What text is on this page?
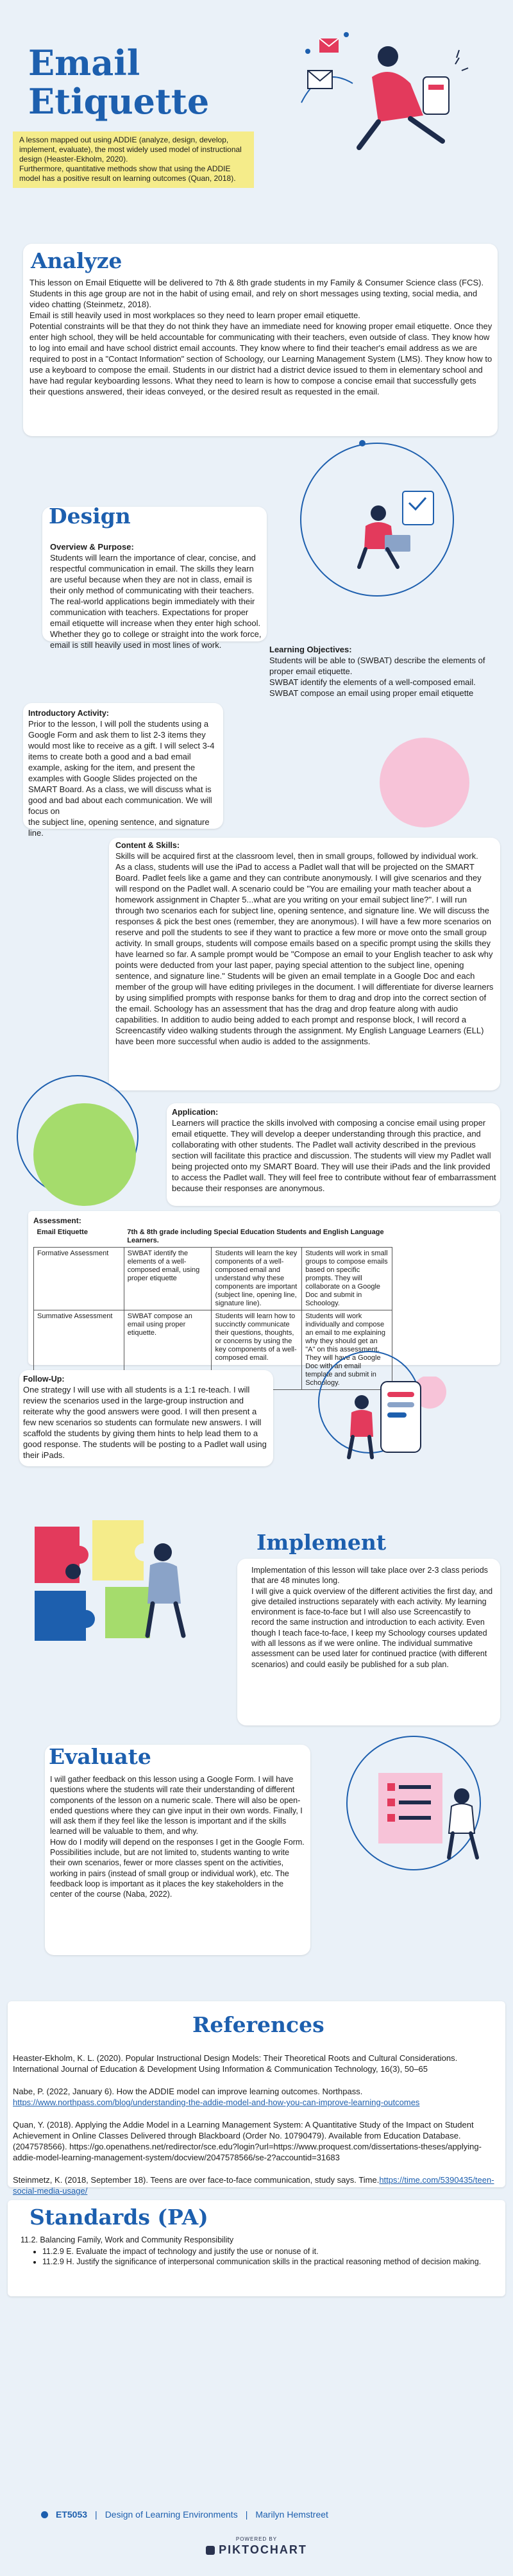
Email
Etiquette

A lesson mapped out using ADDIE (analyze, design, develop, implement, evaluate), the most widely used model of instructional design (Heaster-Ekholm, 2020).

Furthermore, quantitative methods show that using the ADDIE model has a positive result on learning outcomes (Quan, 2018).

Analyze

This lesson on Email Etiquette will be delivered to 7th & 8th grade students in my Family & Consumer Science class (FCS). Students in this age group are not in the habit of using email, and rely on short messages using texting, social media, and video chatting (Steinmetz, 2018).

Email is still heavily used in most workplaces so they need to learn proper email etiquette.

Potential constraints will be that they do not think they have an immediate need for knowing proper email etiquette. Once they enter high school, they will be held accountable for communicating with their teachers, even outside of class. They know how to log into email and have school district email accounts. They know where to find their teacher's email address as we are required to post in a "Contact Information" section of Schoology, our Learning Management System (LMS). They know how to use a keyboard to compose the email. Students in our district had a district device issued to them in elementary school and have had regular keyboarding lessons. What they need to learn is how to compose a concise email that successfully gets their questions answered, their ideas conveyed, or the desired result as requested in the email.

Design
Overview & Purpose:

Students will learn the importance of clear, concise, and respectful communication in email. The skills they learn are useful because when they are not in class, email is their only method of communicating with their teachers. The real-world applications begin immediately with their communication with teachers. Expectations for proper email etiquette will increase when they enter high school. Whether they go to college or straight into the work force, email is still heavily used in most lines of work.	Learning Objectives:

Students will be able to (SWBAT) describe the elements of proper email etiquette.
SWBAT identify the elements of a well-composed email.
SWBAT compose an email using proper email etiquette

Introductory Activity:

Prior to the lesson, I will poll the students using a Google Form and ask them to list 2-3 items they would most like to receive as a gift. I will select 3-4 items to create both a good and a bad email example, asking for the item, and present the examples with Google Slides projected on the SMART Board. As a class, we will discuss what is good and bad about each communication. We will focus on
the subject line, opening sentence, and signature line.

Content & Skills:

Skills will be acquired first at the classroom level, then in small groups, followed by individual work.
As a class, students will use the iPad to access a Padlet wall that will be projected on the SMART Board. Padlet feels like a game and they can contribute anonymously. I will give scenarios and they will respond on the Padlet wall. A scenario could be "You are emailing your math teacher about a homework assignment in Chapter 5...what are you writing on your email subject line?". I will run through two scenarios each for subject line, opening sentence, and signature line. We will discuss the responses & pick the best ones (remember, they are anonymous). I will have a few more scenarios on reserve and poll the students to see if they want to practice a few more or move onto the small group activity. In small groups, students will compose emails based on a specific prompt using the skills they have learned so far. A sample prompt would be "Compose an email to your English teacher to ask why points were deducted from your last paper, paying special attention to the subject line, opening sentence, and signature line." Students will be given an email template in a Google Doc and each member of the group will have editing privileges in the document. I will differentiate for diverse learners by using simplified prompts with response banks for them to drag and drop into the correct section of the email. Schoology has an assessment that has the drag and drop feature along with audio capabilities. In addition to audio being added to each prompt and response block, I will record a Screencastify video walking students through the assignment. My English Language Learners (ELL) have been more successful when audio is added to the assignments.

Application:

Learners will practice the skills involved with composing a concise email using proper email etiquette. They will develop a deeper understanding through this practice, and collaborating with other students. The Padlet wall activity described in the previous section will facilitate this practice and discussion. The students will view my Padlet wall being projected onto my SMART Board. They will use their iPads and the link provided to access the Padlet wall. They will feel free to contribute without fear of embarrassment because their responses are anonymous.

Assessment:
Email Etiquette	7th & 8th grade including Special Education Students and English Language Learners.		
Formative Assessment	SWBAT identify the elements of a well-composed email, using proper etiquette	Students will learn the key components of a well-composed email and understand why these components are important (subject line, opening line, signature line).	Students will work in small groups to compose emails based on specific prompts. They will collaborate on a Google Doc and submit in Schoology.
Summative Assessment	SWBAT compose an email using proper etiquette.	Students will learn how to succinctly communicate their questions, thoughts, or concerns by using the key components of a well-composed email.	Students will work individually and compose an email to me explaining why they should get an "A" on this assessment. They will have a Google Doc with an email template and submit in Schoology.
Follow-Up:

One strategy I will use with all students is a 1:1 re-teach. I will review the scenarios used in the large-group instruction and reiterate why the good answers were good. I will then present a few new scenarios so students can formulate new answers. I will scaffold the students by giving them hints to help lead them to a good response. The students will be posting to a Padlet wall using their iPads.

Implement
Implementation of this lesson will take place over 2-3 class periods that are 48 minutes long.
I will give a quick overview of the different activities the first day, and give detailed instructions separately with each activity. My learning environment is face-to-face but I will also use Screencastify to record the same instruction and introduction to each activity. Even though I teach face-to-face, I keep my Schoology courses updated with all lessons as if we were online. The individual summative assessment can be used later for continued practice (with different scenarios) and could easily be published for a sub plan.
Evaluate
I will gather feedback on this lesson using a Google Form. I will have questions where the students will rate their understanding of different components of the lesson on a numeric scale. There will also be open-ended questions where they can give input in their own words. Finally, I will ask them if they feel like the lesson is important and if the skills learned will be valuable to them, and why.
How do I modify will depend on the responses I get in the Google Form. Possibilities include, but are not limited to, students wanting to write their own scenarios, fewer or more classes spent on the activities, working in pairs (instead of small group or individual work), etc. The feedback loop is important as it places the key stakeholders in the center of the course (Naba, 2022).
References

Heaster-Ekholm, K. L. (2020). Popular Instructional Design Models: Their Theoretical Roots and Cultural Considerations. International Journal of Education & Development Using Information & Communication Technology, 16(3), 50–65

Nabe, P. (2022, January 6). How the ADDIE model can improve learning outcomes. Northpass.
https://www.northpass.com/blog/understanding-the-addie-model-and-how-you-can-improve-learning-outcomes

Quan, Y. (2018). Applying the Addie Model in a Learning Management System: A Quantitative Study of the Impact on Student Achievement in Online Classes Delivered through Blackboard (Order No. 10790479). Available from Education Database. (2047578566). https://go.openathens.net/redirector/sce.edu?login?url=https://www.proquest.com/dissertations-theses/applying-addie-model-learning-management-system/docview/2047578566/se-2?accountid=31683

Steinmetz, K. (2018, September 18). Teens are over face-to-face communication, study says. Time.https://time.com/5390435/teen-social-media-usage/

Standards (PA)
11.2. Balancing Family, Work and Community Responsibility
• 11.2.9 E. Evaluate the impact of technology and justify the use or nonuse of it.
• 11.2.9 H. Justify the significance of interpersonal communication skills in the practical reasoning method of decision making.
ET5053 | Design of Learning Environments | Marilyn Hemstreet
POWERED BY
PIKTOCHART
